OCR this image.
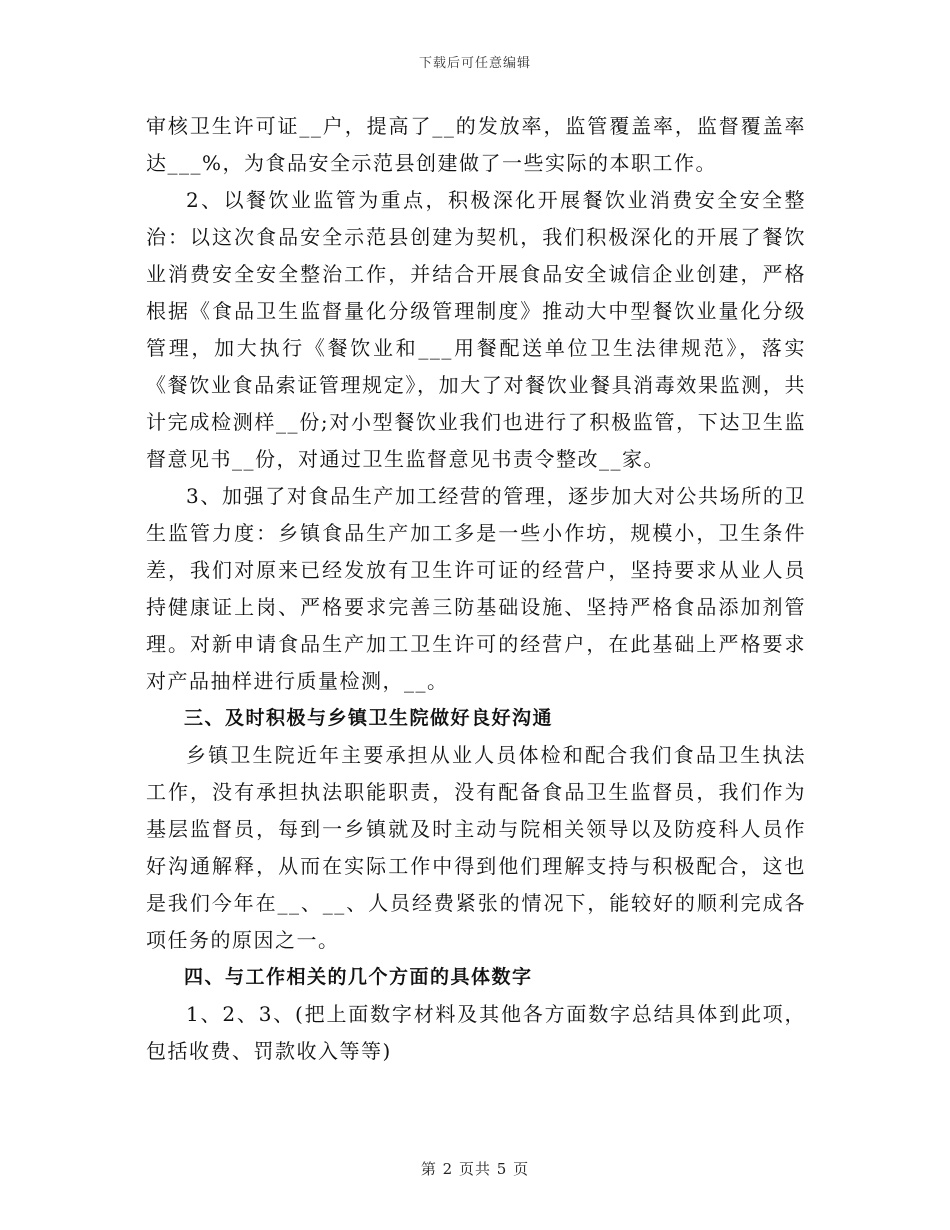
下载后可任意编辑

审核卫生许可证__户，提高了__的发放率，监管覆盖率，监督覆盖率达___%，为食品安全示范县创建做了一些实际的本职工作。

2、以餐饮业监管为重点，积极深化开展餐饮业消费安全安全整治：以这次食品安全示范县创建为契机，我们积极深化的开展了餐饮业消费安全安全整治工作，并结合开展食品安全诚信企业创建，严格根据《食品卫生监督量化分级管理制度》推动大中型餐饮业量化分级管理，加大执行《餐饮业和___用餐配送单位卫生法律规范》，落实《餐饮业食品索证管理规定》，加大了对餐饮业餐具消毒效果监测，共计完成检测样__份;对小型餐饮业我们也进行了积极监管，下达卫生监督意见书__份，对通过卫生监督意见书责令整改__家。

3、加强了对食品生产加工经营的管理，逐步加大对公共场所的卫生监管力度：乡镇食品生产加工多是一些小作坊，规模小，卫生条件差，我们对原来已经发放有卫生许可证的经营户，坚持要求从业人员持健康证上岗、严格要求完善三防基础设施、坚持严格食品添加剂管理。对新申请食品生产加工卫生许可的经营户，在此基础上严格要求对产品抽样进行质量检测，__。

三、及时积极与乡镇卫生院做好良好沟通

乡镇卫生院近年主要承担从业人员体检和配合我们食品卫生执法工作，没有承担执法职能职责，没有配备食品卫生监督员，我们作为基层监督员，每到一乡镇就及时主动与院相关领导以及防疫科人员作好沟通解释，从而在实际工作中得到他们理解支持与积极配合，这也是我们今年在__、__、人员经费紧张的情况下，能较好的顺利完成各项任务的原因之一。

四、与工作相关的几个方面的具体数字

1、2、3、(把上面数字材料及其他各方面数字总结具体到此项，包括收费、罚款收入等等)

第 2 页共 5 页
